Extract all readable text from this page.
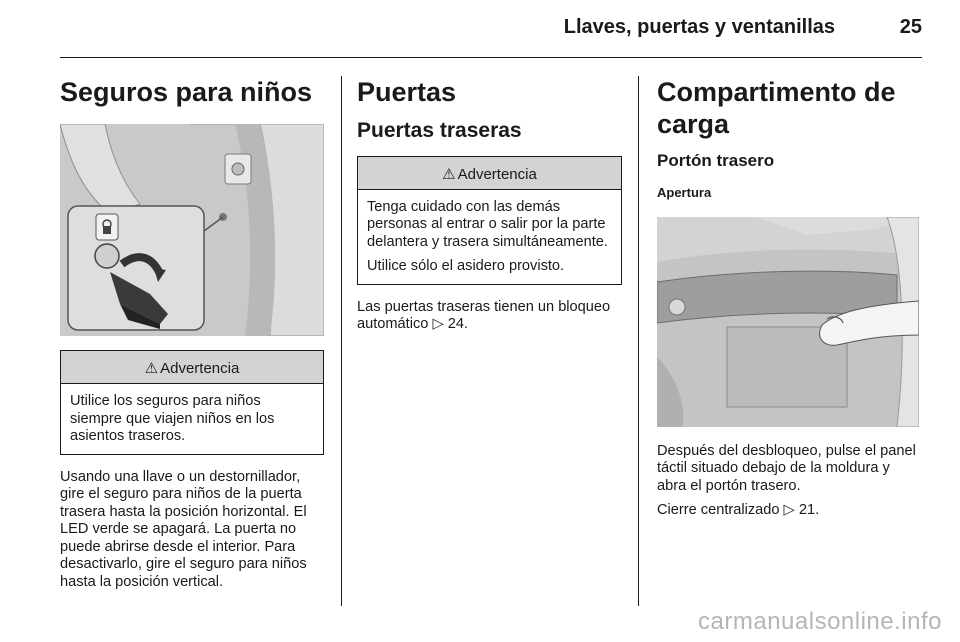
Llaves, puertas y ventanillas	25
Seguros para niños
⚠ Advertencia

Utilice los seguros para niños siempre que viajen niños en los asientos traseros.

Usando una llave o un destornillador, gire el seguro para niños de la puerta trasera hasta la posición horizontal. El LED verde se apagará. La puerta no puede abrirse desde el interior. Para desactivarlo, gire el seguro para niños hasta la posición vertical.

Puertas
Puertas traseras
⚠ Advertencia

Tenga cuidado con las demás personas al entrar o salir por la parte delantera y trasera simultáneamente.

Utilice sólo el asidero provisto.

Las puertas traseras tienen un bloqueo automático ▷ 24.

Compartimento de carga
Portón trasero
Apertura

Después del desbloqueo, pulse el panel táctil situado debajo de la moldura y abra el portón trasero.

Cierre centralizado ▷ 21.

carmanualsonline.info
